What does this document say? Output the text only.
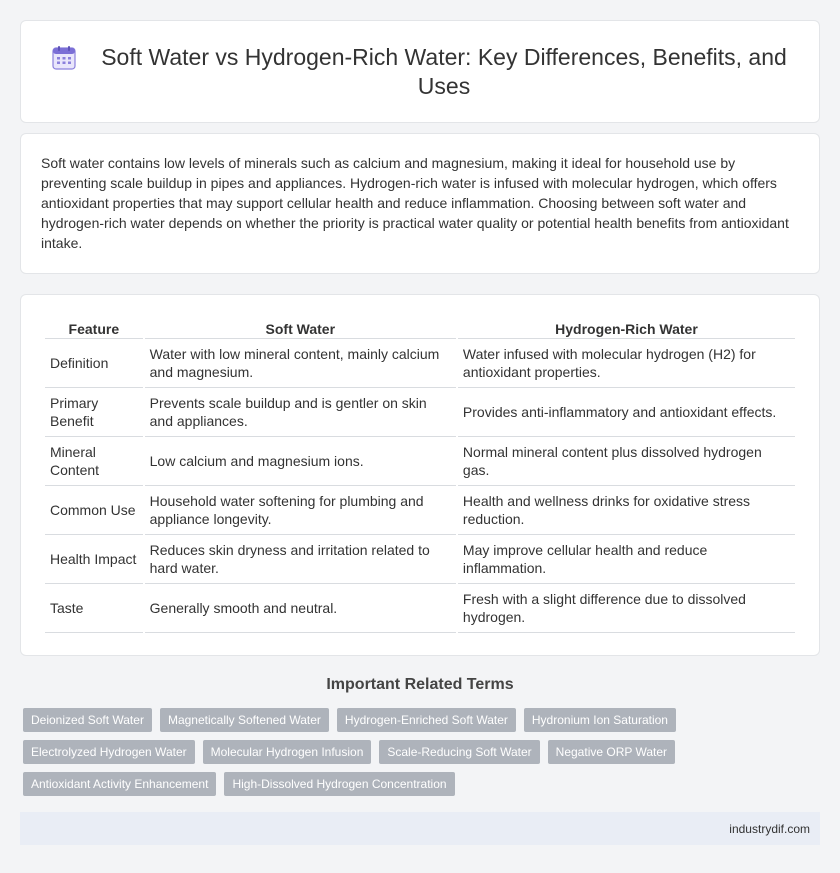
Soft Water vs Hydrogen-Rich Water: Key Differences, Benefits, and Uses

Soft water contains low levels of minerals such as calcium and magnesium, making it ideal for household use by preventing scale buildup in pipes and appliances. Hydrogen-rich water is infused with molecular hydrogen, which offers antioxidant properties that may support cellular health and reduce inflammation. Choosing between soft water and hydrogen-rich water depends on whether the priority is practical water quality or potential health benefits from antioxidant intake.

Feature	Soft Water	Hydrogen-Rich Water
Definition	Water with low mineral content, mainly calcium and magnesium.	Water infused with molecular hydrogen (H2) for antioxidant properties.
Primary Benefit	Prevents scale buildup and is gentler on skin and appliances.	Provides anti-inflammatory and antioxidant effects.
Mineral Content	Low calcium and magnesium ions.	Normal mineral content plus dissolved hydrogen gas.
Common Use	Household water softening for plumbing and appliance longevity.	Health and wellness drinks for oxidative stress reduction.
Health Impact	Reduces skin dryness and irritation related to hard water.	May improve cellular health and reduce inflammation.
Taste	Generally smooth and neutral.	Fresh with a slight difference due to dissolved hydrogen.
Important Related Terms
Deionized Soft Water	Magnetically Softened Water	Hydrogen-Enriched Soft Water	Hydronium Ion Saturation
Electrolyzed Hydrogen Water	Molecular Hydrogen Infusion	Scale-Reducing Soft Water	Negative ORP Water
Antioxidant Activity Enhancement	High-Dissolved Hydrogen Concentration
industrydif.com
